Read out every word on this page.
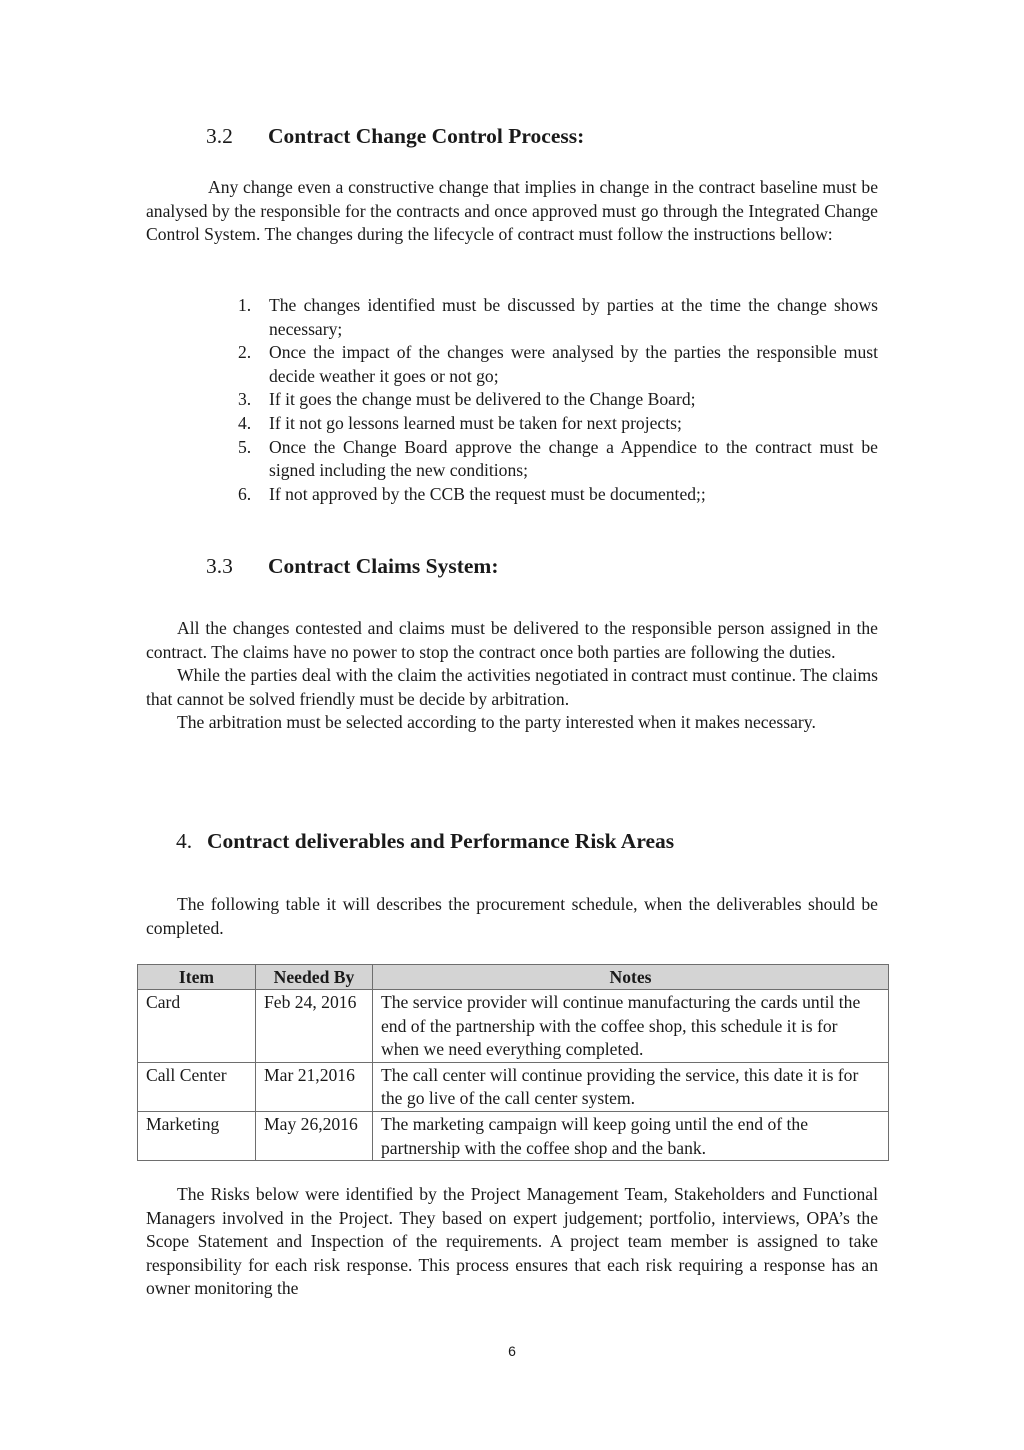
3.2 Contract Change Control Process:

Any change even a constructive change that implies in change in the contract baseline must be analysed by the responsible for the contracts and once approved must go through the Integrated Change Control System. The changes during the lifecycle of contract must follow the instructions bellow:

1. The changes identified must be discussed by parties at the time the change shows necessary;
2. Once the impact of the changes were analysed by the parties the responsible must decide weather it goes or not go;
3. If it goes the change must be delivered to the Change Board;
4. If it not go lessons learned must be taken for next projects;
5. Once the Change Board approve the change a Appendice to the contract must be signed including the new conditions;
6. If not approved by the CCB the request must be documented;;
3.3 Contract Claims System:

All the changes contested and claims must be delivered to the responsible person assigned in the contract. The claims have no power to stop the contract once both parties are following the duties.

While the parties deal with the claim the activities negotiated in contract must continue. The claims that cannot be solved friendly must be decide by arbitration.

The arbitration must be selected according to the party interested when it makes necessary.

4. Contract deliverables and Performance Risk Areas

The following table it will describes the procurement schedule, when the deliverables should be completed.

Item	Needed By	Notes
Card	Feb 24, 2016	The service provider will continue manufacturing the cards until the end of the partnership with the coffee shop, this schedule it is for when we need everything completed.
Call Center	Mar 21,2016	The call center will continue providing the service, this date it is for the go live of the call center system.
Marketing	May 26,2016	The marketing campaign will keep going until the end of the partnership with the coffee shop and the bank.

The Risks below were identified by the Project Management Team, Stakeholders and Functional Managers involved in the Project. They based on expert judgement; portfolio, interviews, OPA’s the Scope Statement and Inspection of the requirements. A project team member is assigned to take responsibility for each risk response. This process ensures that each risk requiring a response has an owner monitoring the

6
